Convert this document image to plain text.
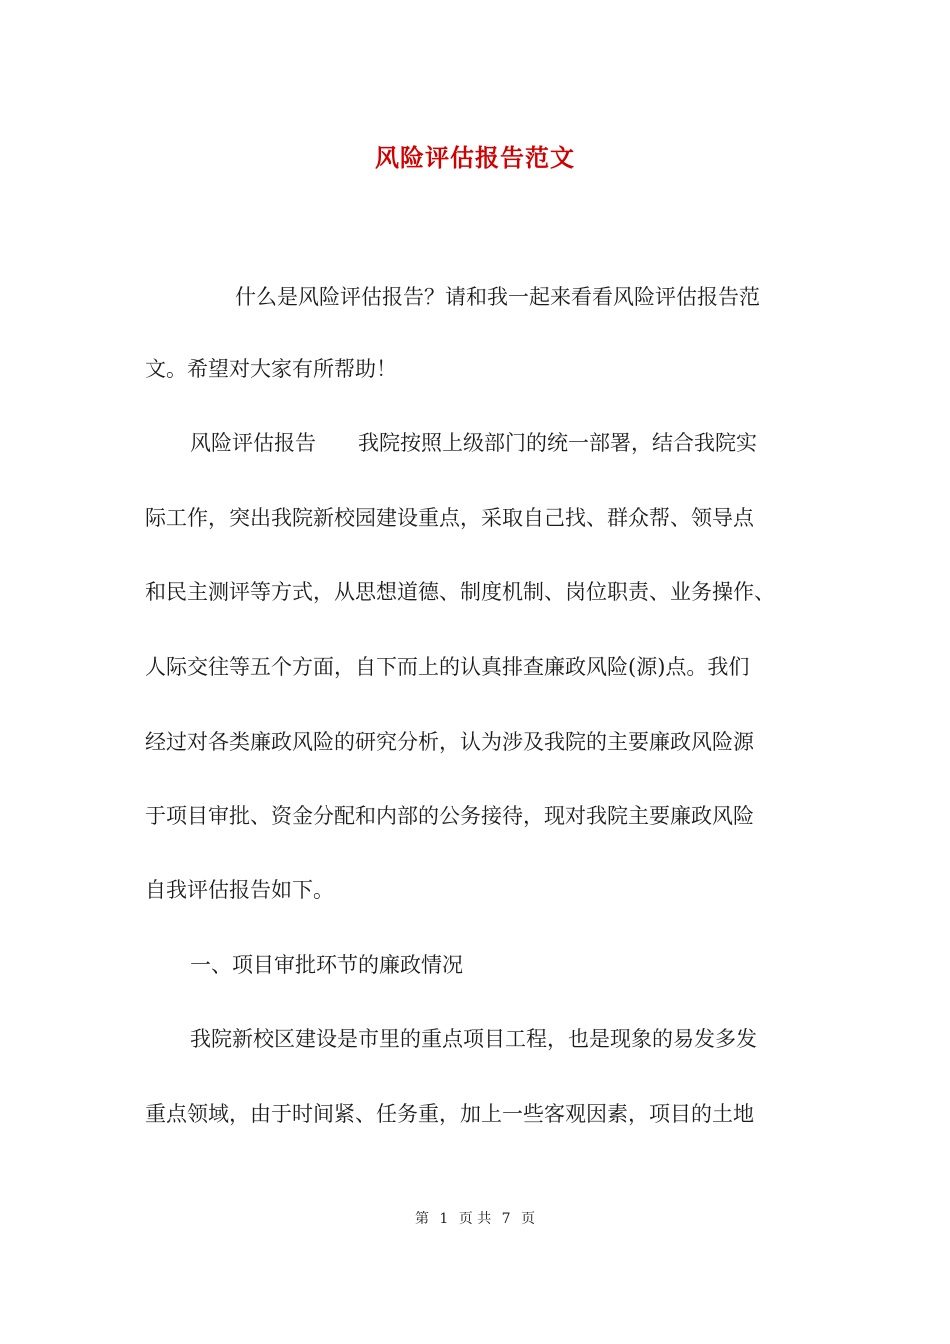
风险评估报告范文
什么是风险评估报告？请和我一起来看看风险评估报告范
文。希望对大家有所帮助！
风险评估报告　　我院按照上级部门的统一部署，结合我院实
际工作，突出我院新校园建设重点，采取自己找、群众帮、领导点
和民主测评等方式，从思想道德、制度机制、岗位职责、业务操作、
人际交往等五个方面，自下而上的认真排查廉政风险(源)点。我们
经过对各类廉政风险的研究分析，认为涉及我院的主要廉政风险源
于项目审批、资金分配和内部的公务接待，现对我院主要廉政风险
自我评估报告如下。
一、项目审批环节的廉政情况
我院新校区建设是市里的重点项目工程，也是现象的易发多发
重点领域，由于时间紧、任务重，加上一些客观因素，项目的土地
第 1 页 共 7 页
